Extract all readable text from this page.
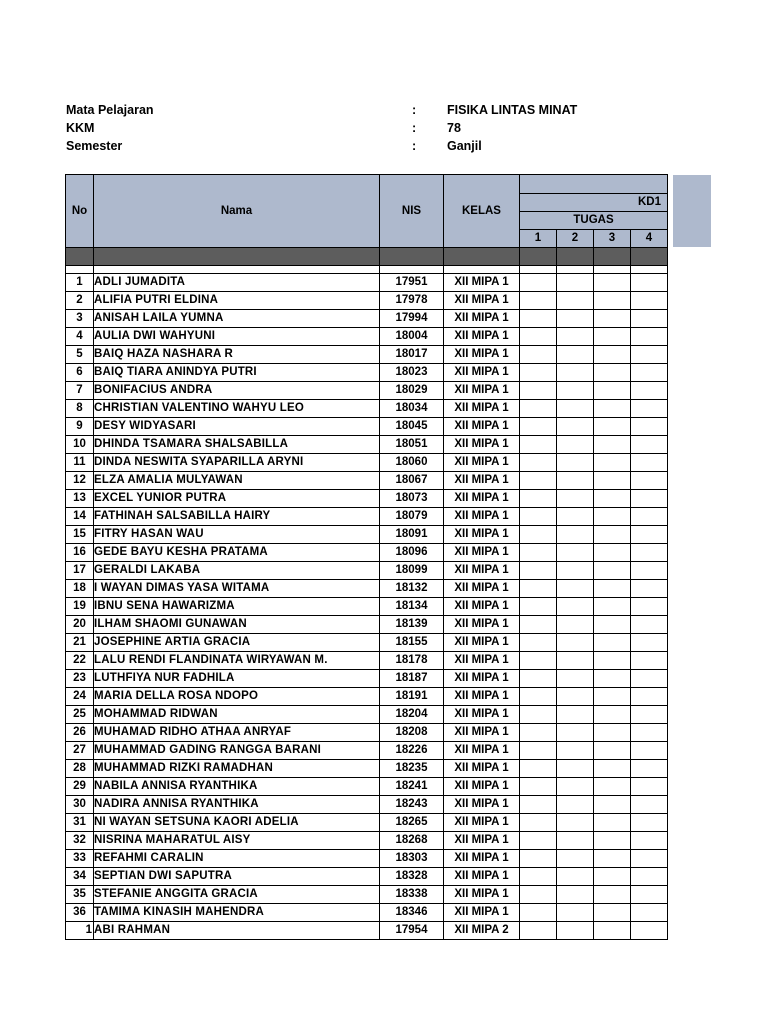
Mata Pelajaran	: FISIKA LINTAS MINAT
KKM	: 78
Semester	: Ganjil
No	Nama	NIS	KELAS				
				KD1			
				TUGAS			
				1	2	3	4

1	ADLI JUMADITA	17951	XII MIPA 1				
2	ALIFIA PUTRI ELDINA	17978	XII MIPA 1				
3	ANISAH LAILA YUMNA	17994	XII MIPA 1				
4	AULIA DWI WAHYUNI	18004	XII MIPA 1				
5	BAIQ HAZA NASHARA R	18017	XII MIPA 1				
6	BAIQ TIARA ANINDYA PUTRI	18023	XII MIPA 1				
7	BONIFACIUS ANDRA	18029	XII MIPA 1				
8	CHRISTIAN VALENTINO WAHYU LEO	18034	XII MIPA 1				
9	DESY WIDYASARI	18045	XII MIPA 1				
10	DHINDA TSAMARA SHALSABILLA	18051	XII MIPA 1				
11	DINDA NESWITA SYAPARILLA ARYNI	18060	XII MIPA 1				
12	ELZA AMALIA MULYAWAN	18067	XII MIPA 1				
13	EXCEL YUNIOR PUTRA	18073	XII MIPA 1				
14	FATHINAH SALSABILLA HAIRY	18079	XII MIPA 1				
15	FITRY HASAN WAU	18091	XII MIPA 1				
16	GEDE BAYU KESHA PRATAMA	18096	XII MIPA 1				
17	GERALDI LAKABA	18099	XII MIPA 1				
18	I WAYAN DIMAS YASA WITAMA	18132	XII MIPA 1				
19	IBNU SENA HAWARIZMA	18134	XII MIPA 1				
20	ILHAM SHAOMI GUNAWAN	18139	XII MIPA 1				
21	JOSEPHINE ARTIA GRACIA	18155	XII MIPA 1				
22	LALU RENDI FLANDINATA WIRYAWAN M.	18178	XII MIPA 1				
23	LUTHFIYA NUR FADHILA	18187	XII MIPA 1				
24	MARIA DELLA ROSA NDOPO	18191	XII MIPA 1				
25	MOHAMMAD RIDWAN	18204	XII MIPA 1				
26	MUHAMAD RIDHO ATHAA ANRYAF	18208	XII MIPA 1				
27	MUHAMMAD GADING RANGGA BARANI	18226	XII MIPA 1				
28	MUHAMMAD RIZKI RAMADHAN	18235	XII MIPA 1				
29	NABILA ANNISA RYANTHIKA	18241	XII MIPA 1				
30	NADIRA ANNISA RYANTHIKA	18243	XII MIPA 1				
31	NI WAYAN SETSUNA KAORI ADELIA	18265	XII MIPA 1				
32	NISRINA MAHARATUL AISY	18268	XII MIPA 1				
33	REFAHMI CARALIN	18303	XII MIPA 1				
34	SEPTIAN DWI SAPUTRA	18328	XII MIPA 1				
35	STEFANIE ANGGITA GRACIA	18338	XII MIPA 1				
36	TAMIMA KINASIH MAHENDRA	18346	XII MIPA 1				
1	ABI RAHMAN	17954	XII MIPA 2				
